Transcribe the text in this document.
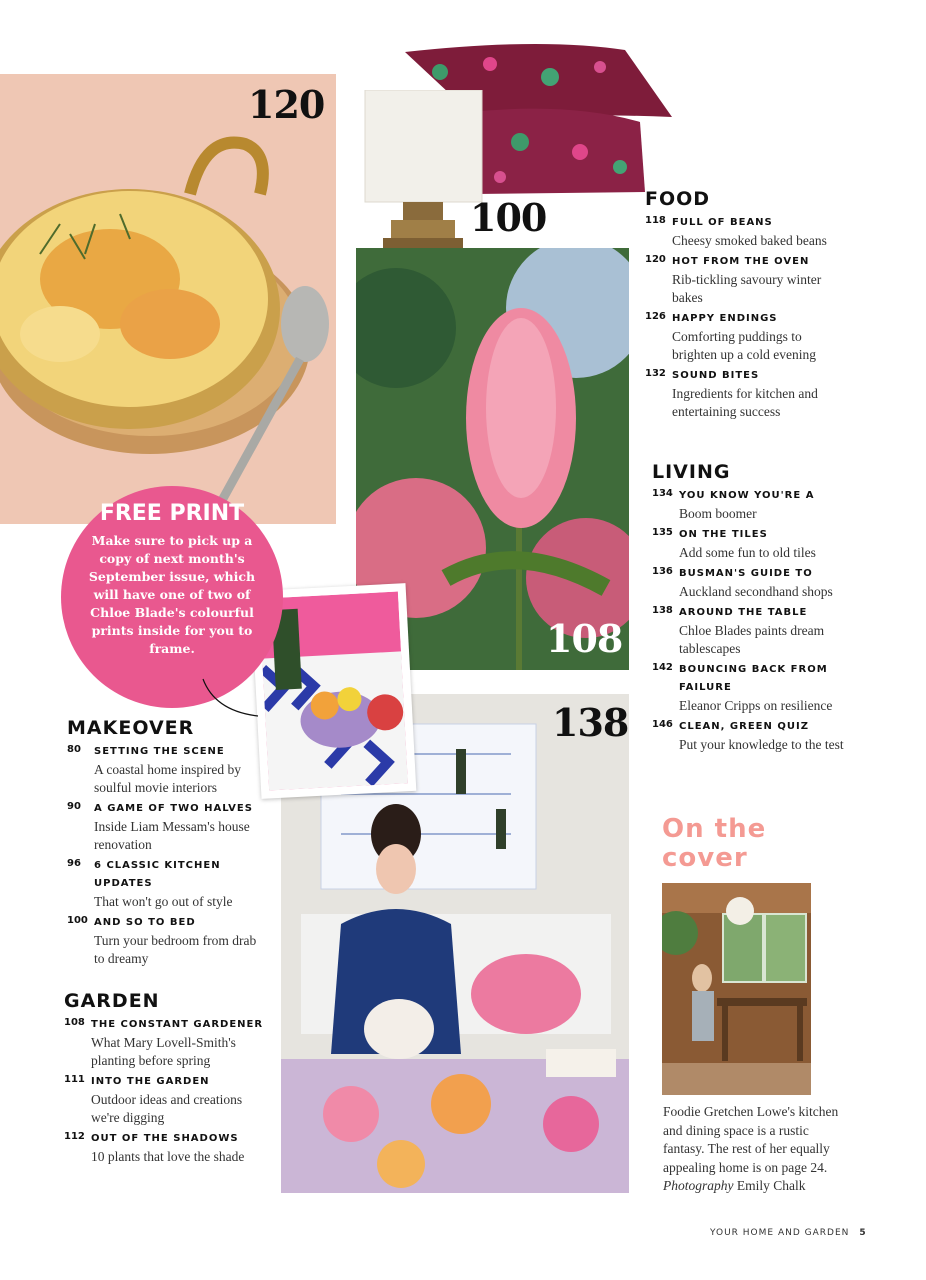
120
100
108
138
FREE PRINT
Make sure to pick up a copy of next month's September issue, which will have one of two of Chloe Blade's colourful prints inside for you to frame.
FOOD
118 FULL OF BEANS
Cheesy smoked baked beans
120 HOT FROM THE OVEN
Rib-tickling savoury winter bakes
126 HAPPY ENDINGS
Comforting puddings to brighten up a cold evening
132 SOUND BITES
Ingredients for kitchen and entertaining success
LIVING
134 YOU KNOW YOU'RE A
Boom boomer
135 ON THE TILES
Add some fun to old tiles
136 BUSMAN'S GUIDE TO
Auckland secondhand shops
138 AROUND THE TABLE
Chloe Blades paints dream tablescapes
142 BOUNCING BACK FROM FAILURE
Eleanor Cripps on resilience
146 CLEAN, GREEN QUIZ
Put your knowledge to the test
MAKEOVER
80 SETTING THE SCENE
A coastal home inspired by soulful movie interiors
90 A GAME OF TWO HALVES
Inside Liam Messam's house renovation
96 6 CLASSIC KITCHEN UPDATES
That won't go out of style
100 AND SO TO BED
Turn your bedroom from drab to dreamy
GARDEN
108 THE CONSTANT GARDENER
What Mary Lovell-Smith's planting before spring
111 INTO THE GARDEN
Outdoor ideas and creations we're digging
112 OUT OF THE SHADOWS
10 plants that love the shade
On the
cover
Foodie Gretchen Lowe's kitchen and dining space is a rustic fantasy. The rest of her equally appealing home is on page 24. Photography Emily Chalk
YOUR HOME AND GARDEN 5
